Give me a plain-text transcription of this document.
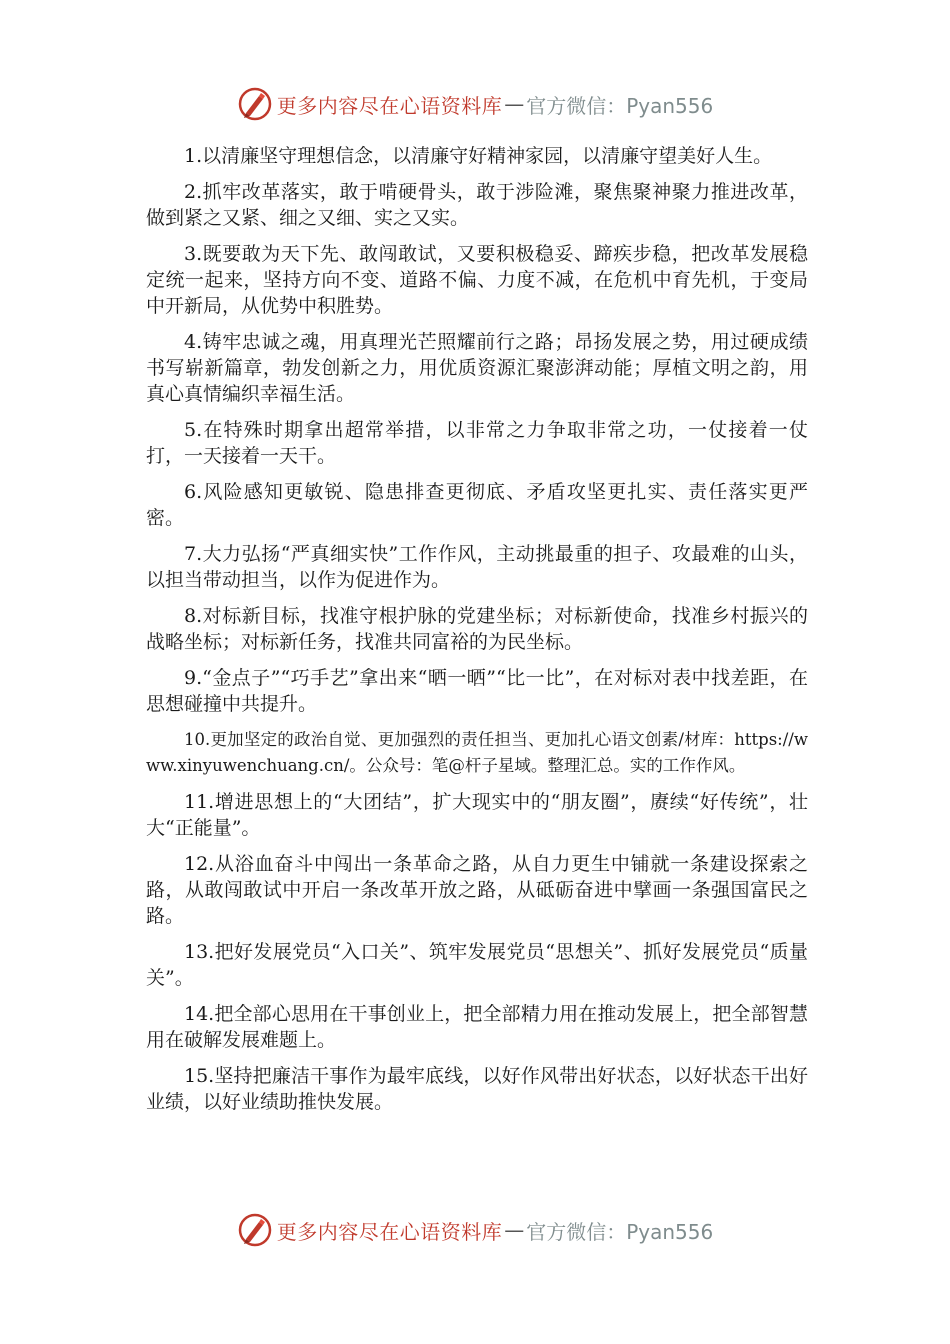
更多内容尽在心语资料库 — 官方微信：Pyan556

1.以清廉坚守理想信念，以清廉守好精神家园，以清廉守望美好人生。

2.抓牢改革落实，敢于啃硬骨头，敢于涉险滩，聚焦聚神聚力推进改革，做到紧之又紧、细之又细、实之又实。

3.既要敢为天下先、敢闯敢试，又要积极稳妥、蹄疾步稳，把改革发展稳定统一起来，坚持方向不变、道路不偏、力度不减，在危机中育先机，于变局中开新局，从优势中积胜势。

4.铸牢忠诚之魂，用真理光芒照耀前行之路；昂扬发展之势，用过硬成绩书写崭新篇章，勃发创新之力，用优质资源汇聚澎湃动能；厚植文明之韵，用真心真情编织幸福生活。

5.在特殊时期拿出超常举措，以非常之力争取非常之功，一仗接着一仗打，一天接着一天干。

6.风险感知更敏锐、隐患排查更彻底、矛盾攻坚更扎实、责任落实更严密。

7.大力弘扬“严真细实快”工作作风，主动挑最重的担子、攻最难的山头，以担当带动担当，以作为促进作为。

8.对标新目标，找准守根护脉的党建坐标；对标新使命，找准乡村振兴的战略坐标；对标新任务，找准共同富裕的为民坐标。

9.“金点子”“巧手艺”拿出来“晒一晒”“比一比”，在对标对表中找差距，在思想碰撞中共提升。

10.更加坚定的政治自觉、更加强烈的责任担当、更加扎心语文创素/材库：https://www.xinyuwenchuang.cn/。公众号：笔@杆子星域。整理汇总。实的工作作风。

11.增进思想上的“大团结”，扩大现实中的“朋友圈”，赓续“好传统”，壮大“正能量”。

12.从浴血奋斗中闯出一条革命之路，从自力更生中铺就一条建设探索之路，从敢闯敢试中开启一条改革开放之路，从砥砺奋进中擘画一条强国富民之路。

13.把好发展党员“入口关”、筑牢发展党员“思想关”、抓好发展党员“质量关”。

14.把全部心思用在干事创业上，把全部精力用在推动发展上，把全部智慧用在破解发展难题上。

15.坚持把廉洁干事作为最牢底线，以好作风带出好状态，以好状态干出好业绩，以好业绩助推快发展。

更多内容尽在心语资料库 — 官方微信：Pyan556
